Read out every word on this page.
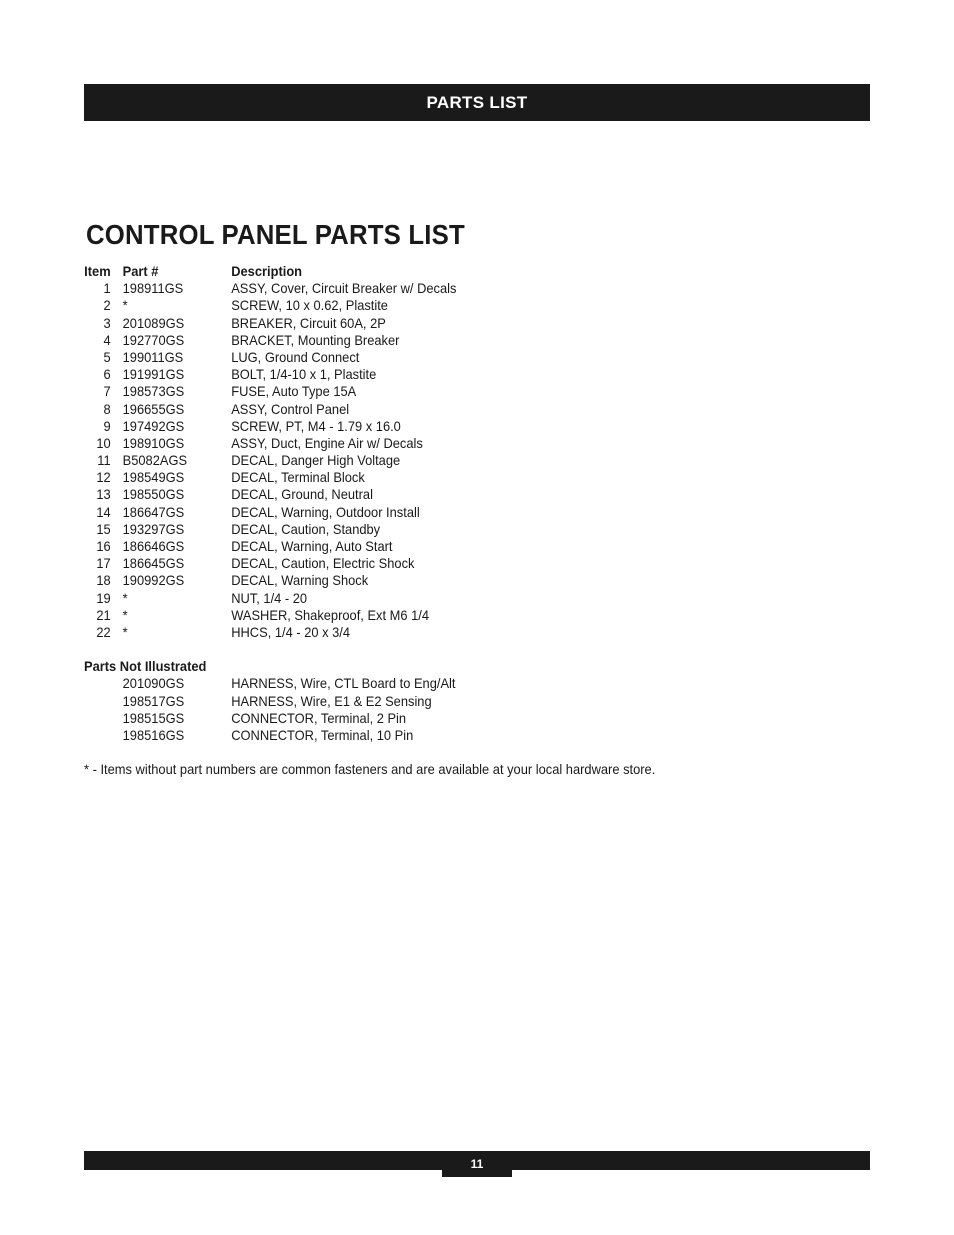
PARTS LIST
CONTROL PANEL PARTS LIST
Item Part #	Description
1 198911GS	ASSY, Cover, Circuit Breaker w/ Decals
2 *	SCREW, 10 x 0.62, Plastite
3 201089GS	BREAKER, Circuit 60A, 2P
4 192770GS	BRACKET, Mounting Breaker
5 199011GS	LUG, Ground Connect
6 191991GS	BOLT, 1/4-10 x 1, Plastite
7 198573GS	FUSE, Auto Type 15A
8 196655GS	ASSY, Control Panel
9 197492GS	SCREW, PT, M4 - 1.79 x 16.0
10 198910GS	ASSY, Duct, Engine Air w/ Decals
11 B5082AGS	DECAL, Danger High Voltage
12 198549GS	DECAL, Terminal Block
13 198550GS	DECAL, Ground, Neutral
14 186647GS	DECAL, Warning, Outdoor Install
15 193297GS	DECAL, Caution, Standby
16 186646GS	DECAL, Warning, Auto Start
17 186645GS	DECAL, Caution, Electric Shock
18 190992GS	DECAL, Warning Shock
19 *	NUT, 1/4 - 20
21 *	WASHER, Shakeproof, Ext M6 1/4
22 *	HHCS, 1/4 - 20 x 3/4
Parts Not Illustrated
201090GS	HARNESS, Wire, CTL Board to Eng/Alt
198517GS	HARNESS, Wire, E1 & E2 Sensing
198515GS	CONNECTOR, Terminal, 2 Pin
198516GS	CONNECTOR, Terminal, 10 Pin
* - Items without part numbers are common fasteners and are available at your local hardware store.
11
